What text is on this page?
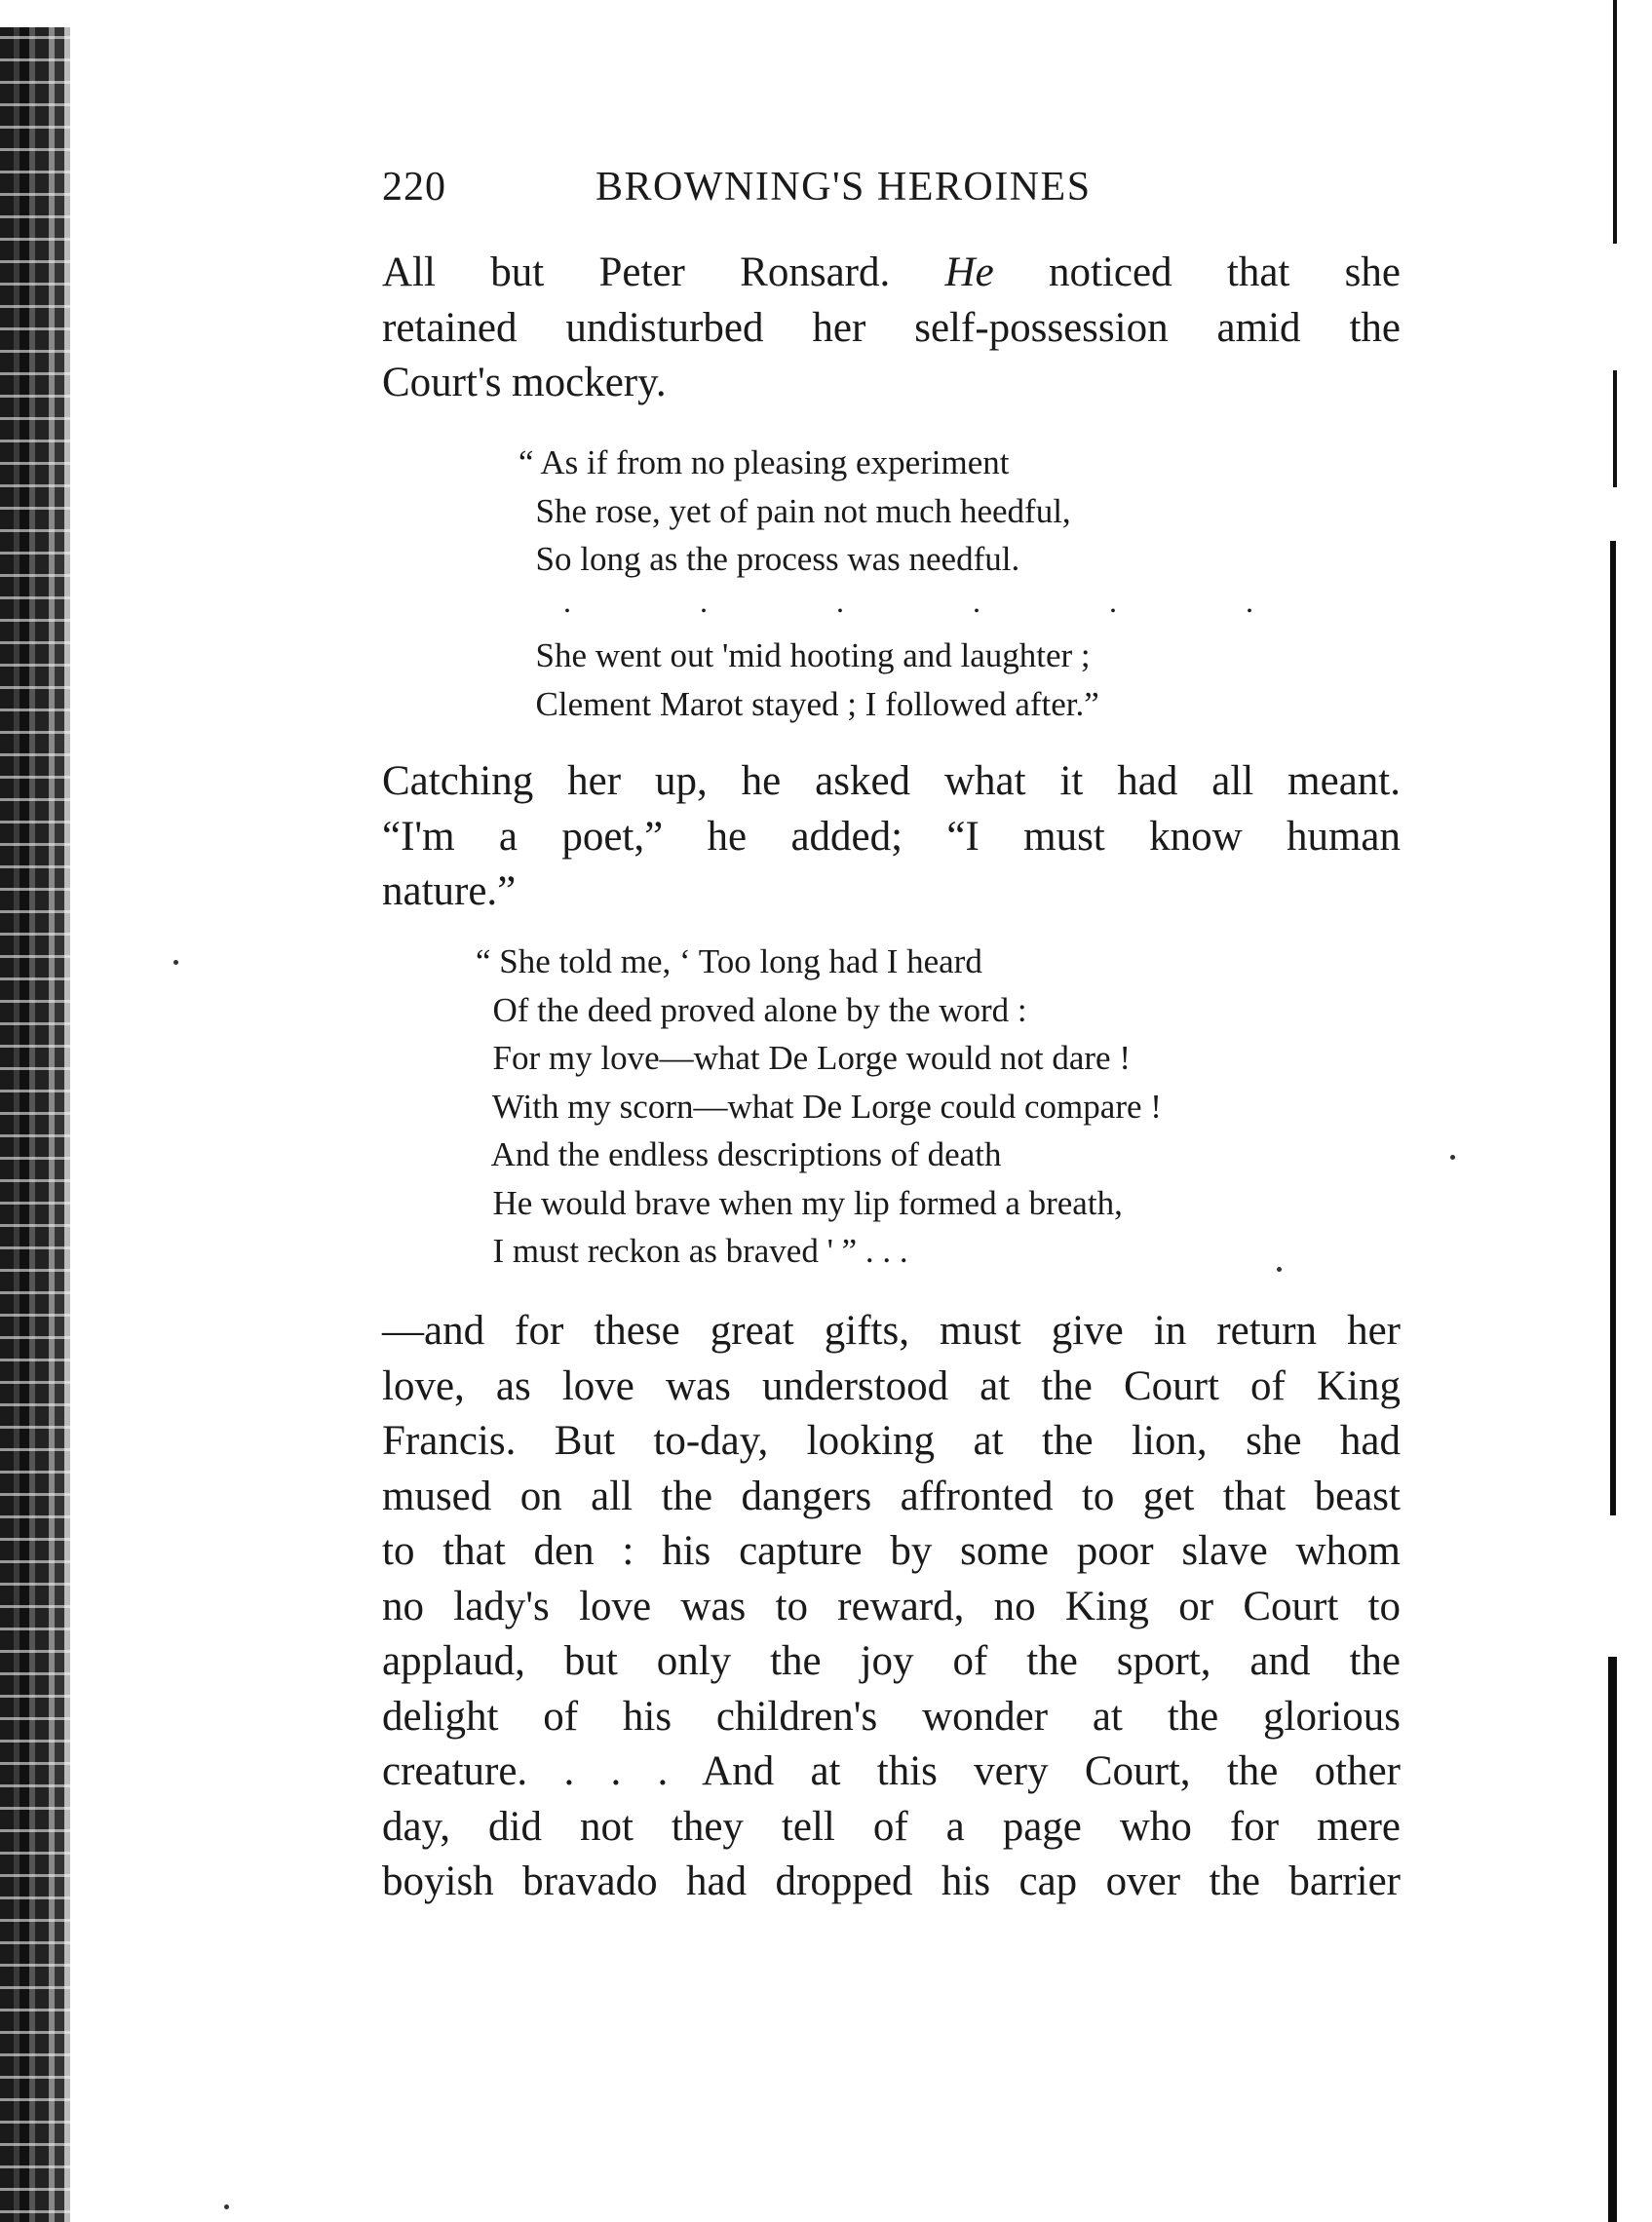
220	BROWNING'S HEROINES
All but Peter Ronsard. He noticed that she
retained undisturbed her self-possession amid the
Court's mockery.
“ As if from no pleasing experiment
She rose, yet of pain not much heedful,
So long as the process was needful.
.	.	.	.	.	.
She went out 'mid hooting and laughter ;
Clement Marot stayed ; I followed after.”
Catching her up, he asked what it had all meant.
“I'm a poet,” he added; “I must know human
nature.”
“ She told me, ‘ Too long had I heard
Of the deed proved alone by the word :
For my love—what De Lorge would not dare !
With my scorn—what De Lorge could compare !
And the endless descriptions of death
He would brave when my lip formed a breath,
I must reckon as braved ' ” . . .
—and for these great gifts, must give in return her
love, as love was understood at the Court of King
Francis. But to-day, looking at the lion, she had
mused on all the dangers affronted to get that beast
to that den : his capture by some poor slave whom
no lady's love was to reward, no King or Court to
applaud, but only the joy of the sport, and the
delight of his children's wonder at the glorious
creature. . . . And at this very Court, the other
day, did not they tell of a page who for mere
boyish bravado had dropped his cap over the barrier
